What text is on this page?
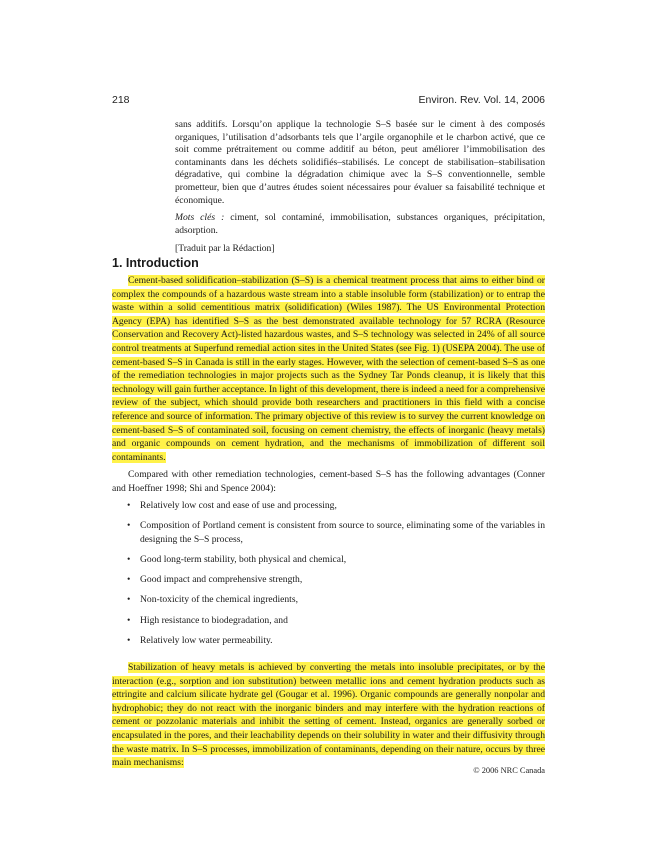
218	Environ. Rev. Vol. 14, 2006

sans additifs. Lorsqu’on applique la technologie S–S basée sur le ciment à des composés organiques, l’utilisation d’adsorbants tels que l’argile organophile et le charbon activé, que ce soit comme prétraitement ou comme additif au béton, peut améliorer l’immobilisation des contaminants dans les déchets solidifiés–stabilisés. Le concept de stabilisation–stabilisation dégradative, qui combine la dégradation chimique avec la S–S conventionnelle, semble prometteur, bien que d’autres études soient nécessaires pour évaluer sa faisabilité technique et économique.

Mots clés : ciment, sol contaminé, immobilisation, substances organiques, précipitation, adsorption.

[Traduit par la Rédaction]

1. Introduction

Cement-based solidification–stabilization (S–S) is a chemical treatment process that aims to either bind or complex the compounds of a hazardous waste stream into a stable insoluble form (stabilization) or to entrap the waste within a solid cementitious matrix (solidification) (Wiles 1987). The US Environmental Protection Agency (EPA) has identified S–S as the best demonstrated available technology for 57 RCRA (Resource Conservation and Recovery Act)-listed hazardous wastes, and S–S technology was selected in 24% of all source control treatments at Superfund remedial action sites in the United States (see Fig. 1) (USEPA 2004). The use of cement-based S–S in Canada is still in the early stages. However, with the selection of cement-based S–S as one of the remediation technologies in major projects such as the Sydney Tar Ponds cleanup, it is likely that this technology will gain further acceptance. In light of this development, there is indeed a need for a comprehensive review of the subject, which should provide both researchers and practitioners in this field with a concise reference and source of information. The primary objective of this review is to survey the current knowledge on cement-based S–S of contaminated soil, focusing on cement chemistry, the effects of inorganic (heavy metals) and organic compounds on cement hydration, and the mechanisms of immobilization of different soil contaminants.

Compared with other remediation technologies, cement-based S–S has the following advantages (Conner and Hoeffner 1998; Shi and Spence 2004):

• Relatively low cost and ease of use and processing,
• Composition of Portland cement is consistent from source to source, eliminating some of the variables in designing the S–S process,
• Good long-term stability, both physical and chemical,
• Good impact and comprehensive strength,
• Non-toxicity of the chemical ingredients,
• High resistance to biodegradation, and
• Relatively low water permeability.

Stabilization of heavy metals is achieved by converting the metals into insoluble precipitates, or by the interaction (e.g., sorption and ion substitution) between metallic ions and cement hydration products such as ettringite and calcium silicate hydrate gel (Gougar et al. 1996). Organic compounds are generally nonpolar and hydrophobic; they do not react with the inorganic binders and may interfere with the hydration reactions of cement or pozzolanic materials and inhibit the setting of cement. Instead, organics are generally sorbed or encapsulated in the pores, and their leachability depends on their solubility in water and their diffusivity through the waste matrix. In S–S processes, immobilization of contaminants, depending on their nature, occurs by three main mechanisms:

© 2006 NRC Canada
